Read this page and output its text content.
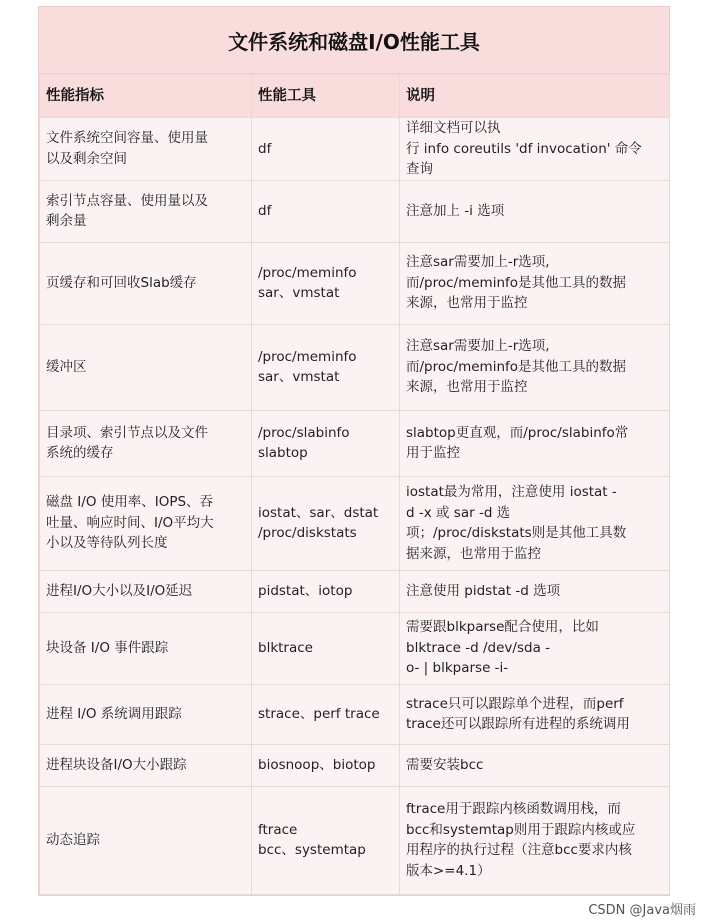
文件系统和磁盘I/O性能工具
性能指标	性能工具	说明

文件系统空间容量、使用量
以及剩余空间	df	详细文档可以执
行 info coreutils 'df invocation' 命令
查询

索引节点容量、使用量以及
剩余量	df	注意加上 -i 选项

页缓存和可回收Slab缓存	/proc/meminfo
sar、vmstat	注意sar需要加上-r选项,
而/proc/meminfo是其他工具的数据
来源，也常用于监控

缓冲区	/proc/meminfo
sar、vmstat	注意sar需要加上-r选项,
而/proc/meminfo是其他工具的数据
来源，也常用于监控

目录项、索引节点以及文件
系统的缓存	/proc/slabinfo
slabtop	slabtop更直观，而/proc/slabinfo常
用于监控

磁盘 I/O 使用率、IOPS、吞
吐量、响应时间、I/O平均大
小以及等待队列长度	iostat、sar、dstat
/proc/diskstats	iostat最为常用，注意使用 iostat -
d -x 或 sar -d 选
项；/proc/diskstats则是其他工具数
据来源，也常用于监控

进程I/O大小以及I/O延迟	pidstat、iotop	注意使用 pidstat -d 选项

块设备 I/O 事件跟踪	blktrace	需要跟blkparse配合使用，比如
blktrace -d /dev/sda -
o- | blkparse -i-

进程 I/O 系统调用跟踪	strace、perf trace	strace只可以跟踪单个进程，而perf
trace还可以跟踪所有进程的系统调用

进程块设备I/O大小跟踪	biosnoop、biotop	需要安装bcc

动态追踪	ftrace
bcc、systemtap	ftrace用于跟踪内核函数调用栈，而
bcc和systemtap则用于跟踪内核或应
用程序的执行过程（注意bcc要求内核
版本>=4.1）
CSDN @Java烟雨
